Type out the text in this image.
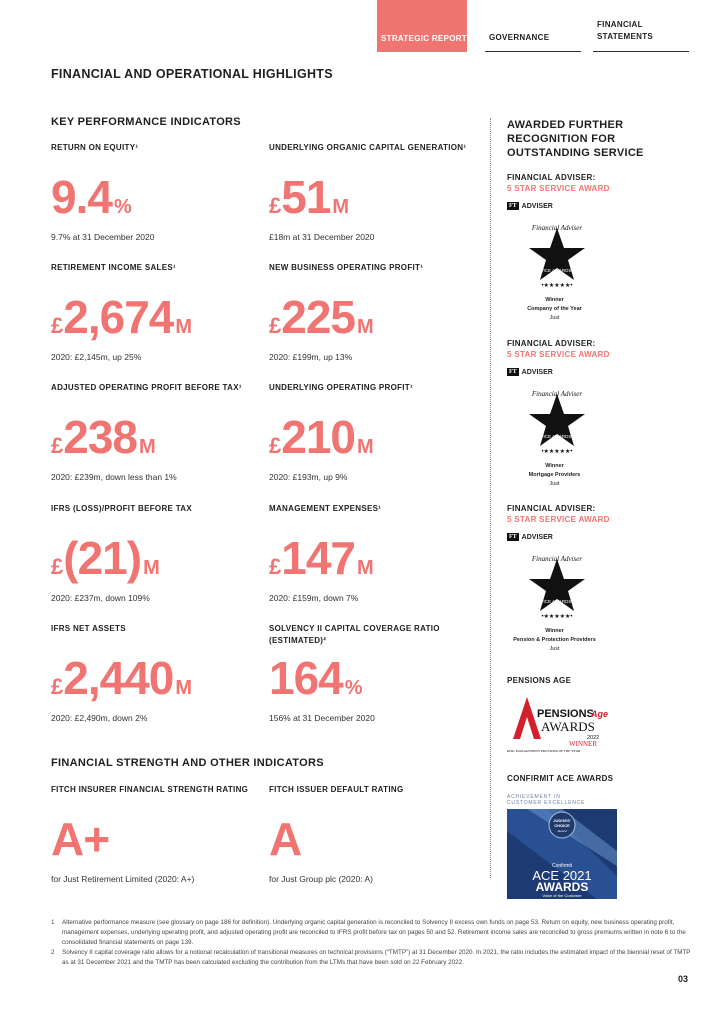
STRATEGIC REPORT	GOVERNANCE
FINANCIAL STATEMENTS
FINANCIAL AND OPERATIONAL HIGHLIGHTS
KEY PERFORMANCE INDICATORS
RETURN ON EQUITY¹
9.4 %
9.7% at 31 December 2020
UNDERLYING ORGANIC CAPITAL GENERATION¹
£ 51 M
£18m at 31 December 2020
RETIREMENT INCOME SALES¹
£ 2,674 M
2020: £2,145m, up 25%
NEW BUSINESS OPERATING PROFIT¹
£ 225 M
2020: £199m, up 13%
ADJUSTED OPERATING PROFIT BEFORE TAX¹
£ 238 M
2020: £239m, down less than 1%
UNDERLYING OPERATING PROFIT¹
£ 210 M
2020: £193m, up 9%
IFRS (LOSS)/PROFIT BEFORE TAX
£ (21) M
2020: £237m, down 109%
MANAGEMENT EXPENSES¹
£ 147 M
2020: £159m, down 7%
IFRS NET ASSETS
£ 2,440 M
2020: £2,490m, down 2%
SOLVENCY II CAPITAL COVERAGE RATIO (ESTIMATED)²
164 %
156% at 31 December 2020
FINANCIAL STRENGTH AND OTHER INDICATORS
FITCH INSURER FINANCIAL STRENGTH RATING
A+
for Just Retirement Limited (2020: A+)
FITCH ISSUER DEFAULT RATING
A
for Just Group plc (2020: A)
AWARDED FURTHER RECOGNITION FOR OUTSTANDING SERVICE
FINANCIAL ADVISER:
5 STAR SERVICE AWARD
FT ADVISER
Financial Adviser
SERVICE AWARDS 2021
•★★★★★•
Winner
Company of the Year
Just
FINANCIAL ADVISER:
5 STAR SERVICE AWARD
FT ADVISER
Financial Adviser
SERVICE AWARDS 2021
•★★★★★•
Winner
Mortgage Providers
Just
FINANCIAL ADVISER:
5 STAR SERVICE AWARD
FT ADVISER
Financial Adviser
SERVICE AWARDS 2021
•★★★★★•
Winner
Pension & Protection Providers
Just
PENSIONS AGE
PENSIONS
Age
AWARDS
2022
WINNER
RISK MANAGEMENT PROVIDER OF THE YEAR
CONFIRMIT ACE AWARDS
ACHIEVEMENT IN
CUSTOMER EXCELLENCE
JUDGES'
CHOICE
Award
Confirmit
ACE 2021
AWARDS
Voice of the Customer
1	Alternative performance measure (see glossary on page 186 for definition). Underlying organic capital generation is reconciled to Solvency II excess own funds on page 53. Return on equity, new business operating profit, management expenses, underlying operating profit, and adjusted operating profit are reconciled to IFRS profit before tax on pages 50 and 52. Retirement income sales are reconciled to gross premiums written in note 6 to the consolidated financial statements on page 139.
2	Solvency II capital coverage ratio allows for a notional recalculation of transitional measures on technical provisions (“TMTP”) at 31 December 2020. In 2021, the ratio includes the estimated impact of the biennial reset of TMTP as at 31 December 2021 and the TMTP has been calculated excluding the contribution from the LTMs that have been sold on 22 February 2022.
03
